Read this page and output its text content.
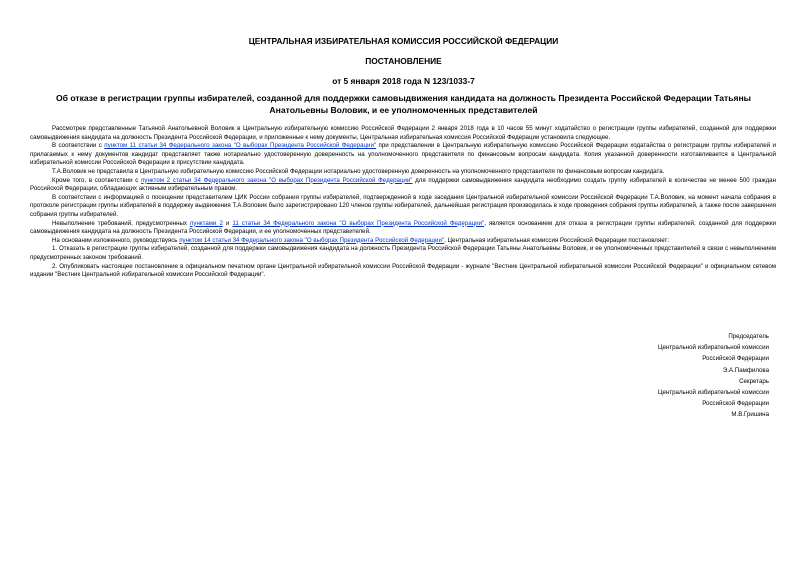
ЦЕНТРАЛЬНАЯ ИЗБИРАТЕЛЬНАЯ КОМИССИЯ РОССИЙСКОЙ ФЕДЕРАЦИИ
ПОСТАНОВЛЕНИЕ
от 5 января 2018 года N 123/1033-7
Об отказе в регистрации группы избирателей, созданной для поддержки самовыдвижения кандидата на должность Президента Российской Федерации Татьяны Анатольевны Воловик, и ее уполномоченных представителей

Рассмотрев представленные Татьяной Анатольевной Воловик в Центральную избирательную комиссию Российской Федерации 2 января 2018 года в 10 часов 55 минут ходатайство о регистрации группы избирателей, созданной для поддержки самовыдвижения кандидата на должность Президента Российской Федерации, и приложенные к нему документы, Центральная избирательная комиссия Российской Федерации установила следующее.

В соответствии с пунктом 11 статьи 34 Федерального закона "О выборах Президента Российской Федерации" при представлении в Центральную избирательную комиссию Российской Федерации ходатайства о регистрации группы избирателей и прилагаемых к нему документов кандидат представляет также нотариально удостоверенную доверенность на уполномоченного представителя по финансовым вопросам кандидата. Копия указанной доверенности изготавливается в Центральной избирательной комиссии Российской Федерации в присутствии кандидата.

Т.А.Воловик не представила в Центральную избирательную комиссию Российской Федерации нотариально удостоверенную доверенность на уполномоченного представителя по финансовым вопросам кандидата.

Кроме того, в соответствии с пунктом 2 статьи 34 Федерального закона "О выборах Президента Российской Федерации" для поддержки самовыдвижения кандидата необходимо создать группу избирателей в количестве не менее 500 граждан Российской Федерации, обладающих активным избирательным правом.

В соответствии с информацией о посещении представителем ЦИК России собрания группы избирателей, подтвержденной в ходе заседания Центральной избирательной комиссии Российской Федерации Т.А.Воловик, на момент начала собрания в протоколе регистрации группы избирателей в поддержку выдвижения Т.А.Воловик было зарегистрировано 120 членов группы избирателей, дальнейшая регистрация производилась в ходе проведения собрания группы избирателей, а также после завершения собрания группы избирателей.

Невыполнение требований, предусмотренных пунктами 2 и 11 статьи 34 Федерального закона "О выборах Президента Российской Федерации", является основанием для отказа в регистрации группы избирателей, созданной для поддержки самовыдвижения кандидата на должность Президента Российской Федерации, и ее уполномоченных представителей.

На основании изложенного, руководствуясь пунктом 14 статьи 34 Федерального закона "О выборах Президента Российской Федерации", Центральная избирательная комиссия Российской Федерации постановляет:

1. Отказать в регистрации группы избирателей, созданной для поддержки самовыдвижения кандидата на должность Президента Российской Федерации Татьяны Анатольевны Воловик, и ее уполномоченных представителей в связи с невыполнением предусмотренных законом требований.

2. Опубликовать настоящее постановление в официальном печатном органе Центральной избирательной комиссии Российской Федерации - журнале "Вестник Центральной избирательной комиссии Российской Федерации" и официальном сетевом издании "Вестник Центральной избирательной комиссии Российской Федерации".

Председатель
Центральной избирательной комиссии
Российской Федерации
Э.А.Памфилова
Секретарь
Центральной избирательной комиссии
Российской Федерации
М.В.Гришина
